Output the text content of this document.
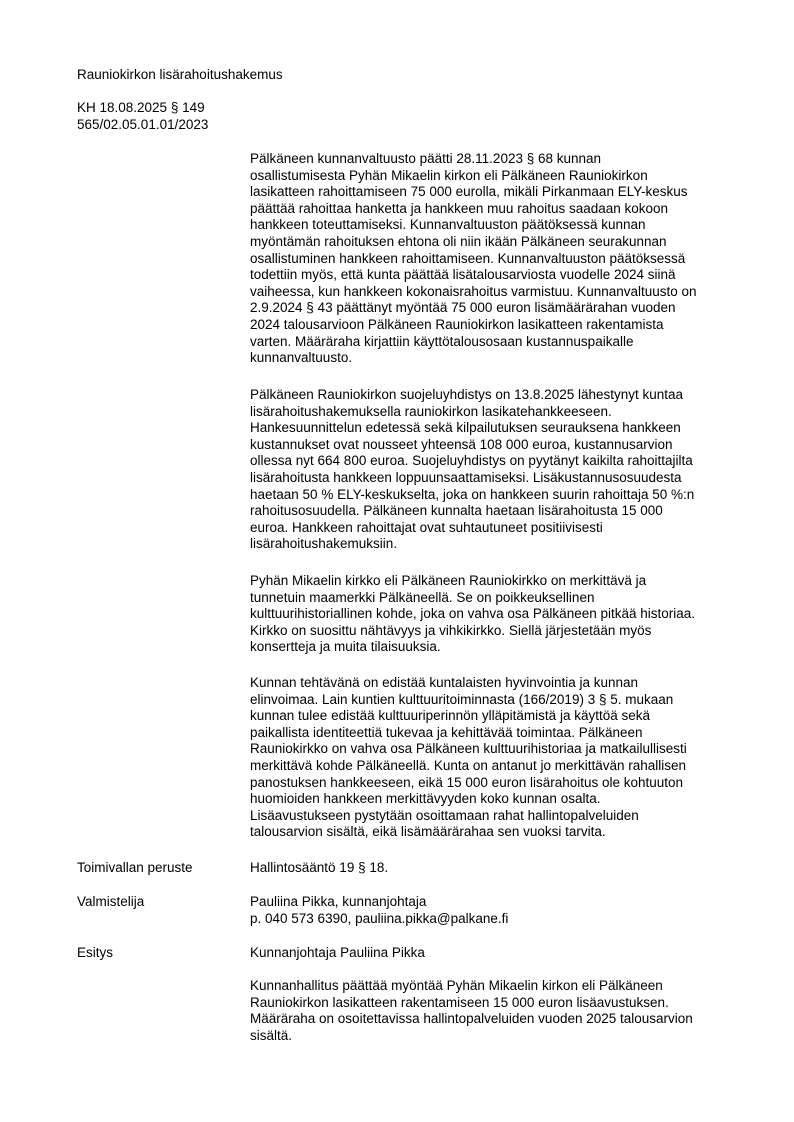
Rauniokirkon lisärahoitushakemus
KH 18.08.2025 § 149
565/02.05.01.01/2023

Pälkäneen kunnanvaltuusto päätti 28.11.2023 § 68 kunnan
osallistumisesta Pyhän Mikaelin kirkon eli Pälkäneen Rauniokirkon
lasikatteen rahoittamiseen 75 000 eurolla, mikäli Pirkanmaan ELY-keskus
päättää rahoittaa hanketta ja hankkeen muu rahoitus saadaan kokoon
hankkeen toteuttamiseksi. Kunnanvaltuuston päätöksessä kunnan
myöntämän rahoituksen ehtona oli niin ikään Pälkäneen seurakunnan
osallistuminen hankkeen rahoittamiseen. Kunnanvaltuuston päätöksessä
todettiin myös, että kunta päättää lisätalousarviosta vuodelle 2024 siinä
vaiheessa, kun hankkeen kokonaisrahoitus varmistuu. Kunnanvaltuusto on
2.9.2024 § 43 päättänyt myöntää 75 000 euron lisämäärärahan vuoden
2024 talousarvioon Pälkäneen Rauniokirkon lasikatteen rakentamista
varten. Määräraha kirjattiin käyttötalousosaan kustannuspaikalle
kunnanvaltuusto.

Pälkäneen Rauniokirkon suojeluyhdistys on 13.8.2025 lähestynyt kuntaa
lisärahoitushakemuksella rauniokirkon lasikatehankkeeseen.
Hankesuunnittelun edetessä sekä kilpailutuksen seurauksena hankkeen
kustannukset ovat nousseet yhteensä 108 000 euroa, kustannusarvion
ollessa nyt 664 800 euroa. Suojeluyhdistys on pyytänyt kaikilta rahoittajilta
lisärahoitusta hankkeen loppuunsaattamiseksi. Lisäkustannusosuudesta
haetaan 50 % ELY-keskukselta, joka on hankkeen suurin rahoittaja 50 %:n
rahoitusosuudella. Pälkäneen kunnalta haetaan lisärahoitusta 15 000
euroa. Hankkeen rahoittajat ovat suhtautuneet positiivisesti
lisärahoitushakemuksiin.

Pyhän Mikaelin kirkko eli Pälkäneen Rauniokirkko on merkittävä ja
tunnetuin maamerkki Pälkäneellä. Se on poikkeuksellinen
kulttuurihistoriallinen kohde, joka on vahva osa Pälkäneen pitkää historiaa.
Kirkko on suosittu nähtävyys ja vihkikirkko. Siellä järjestetään myös
konsertteja ja muita tilaisuuksia.

Kunnan tehtävänä on edistää kuntalaisten hyvinvointia ja kunnan
elinvoimaa. Lain kuntien kulttuuritoiminnasta (166/2019) 3 § 5. mukaan
kunnan tulee edistää kulttuuriperinnön ylläpitämistä ja käyttöä sekä
paikallista identiteettiä tukevaa ja kehittävää toimintaa. Pälkäneen
Rauniokirkko on vahva osa Pälkäneen kulttuurihistoriaa ja matkailullisesti
merkittävä kohde Pälkäneellä. Kunta on antanut jo merkittävän rahallisen
panostuksen hankkeeseen, eikä 15 000 euron lisärahoitus ole kohtuuton
huomioiden hankkeen merkittävyyden koko kunnan osalta.
Lisäavustukseen pystytään osoittamaan rahat hallintopalveluiden
talousarvion sisältä, eikä lisämäärärahaa sen vuoksi tarvita.

Toimivallan peruste	Hallintosääntö 19 § 18.
Valmistelija	Pauliina Pikka, kunnanjohtaja
p. 040 573 6390, pauliina.pikka@palkane.fi
Esitys	Kunnanjohtaja Pauliina Pikka

Kunnanhallitus päättää myöntää Pyhän Mikaelin kirkon eli Pälkäneen
Rauniokirkon lasikatteen rakentamiseen 15 000 euron lisäavustuksen.
Määräraha on osoitettavissa hallintopalveluiden vuoden 2025 talousarvion
sisältä.
